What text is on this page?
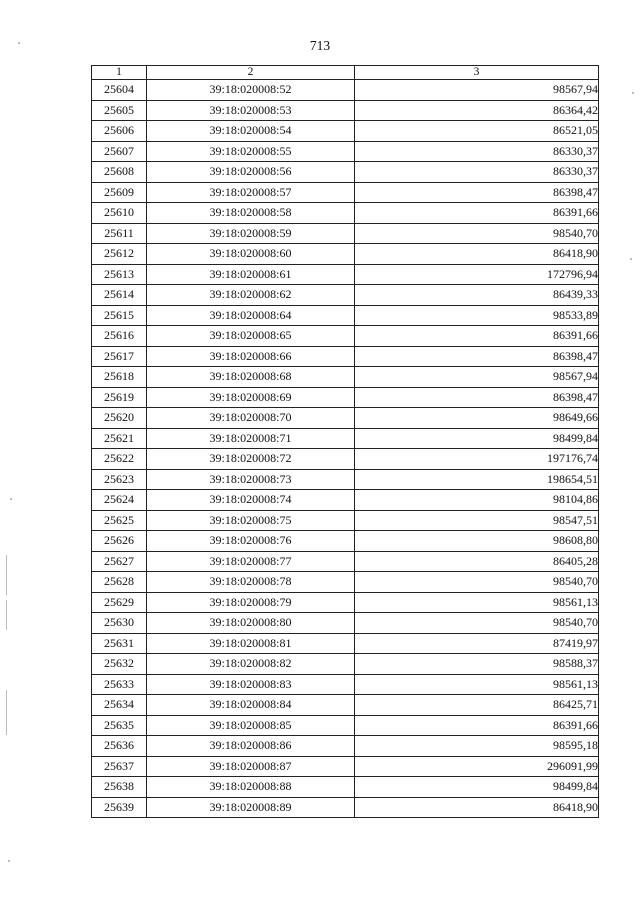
713
1	2	3
25604	39:18:020008:52	98567,94
25605	39:18:020008:53	86364,42
25606	39:18:020008:54	86521,05
25607	39:18:020008:55	86330,37
25608	39:18:020008:56	86330,37
25609	39:18:020008:57	86398,47
25610	39:18:020008:58	86391,66
25611	39:18:020008:59	98540,70
25612	39:18:020008:60	86418,90
25613	39:18:020008:61	172796,94
25614	39:18:020008:62	86439,33
25615	39:18:020008:64	98533,89
25616	39:18:020008:65	86391,66
25617	39:18:020008:66	86398,47
25618	39:18:020008:68	98567,94
25619	39:18:020008:69	86398,47
25620	39:18:020008:70	98649,66
25621	39:18:020008:71	98499,84
25622	39:18:020008:72	197176,74
25623	39:18:020008:73	198654,51
25624	39:18:020008:74	98104,86
25625	39:18:020008:75	98547,51
25626	39:18:020008:76	98608,80
25627	39:18:020008:77	86405,28
25628	39:18:020008:78	98540,70
25629	39:18:020008:79	98561,13
25630	39:18:020008:80	98540,70
25631	39:18:020008:81	87419,97
25632	39:18:020008:82	98588,37
25633	39:18:020008:83	98561,13
25634	39:18:020008:84	86425,71
25635	39:18:020008:85	86391,66
25636	39:18:020008:86	98595,18
25637	39:18:020008:87	296091,99
25638	39:18:020008:88	98499,84
25639	39:18:020008:89	86418,90
